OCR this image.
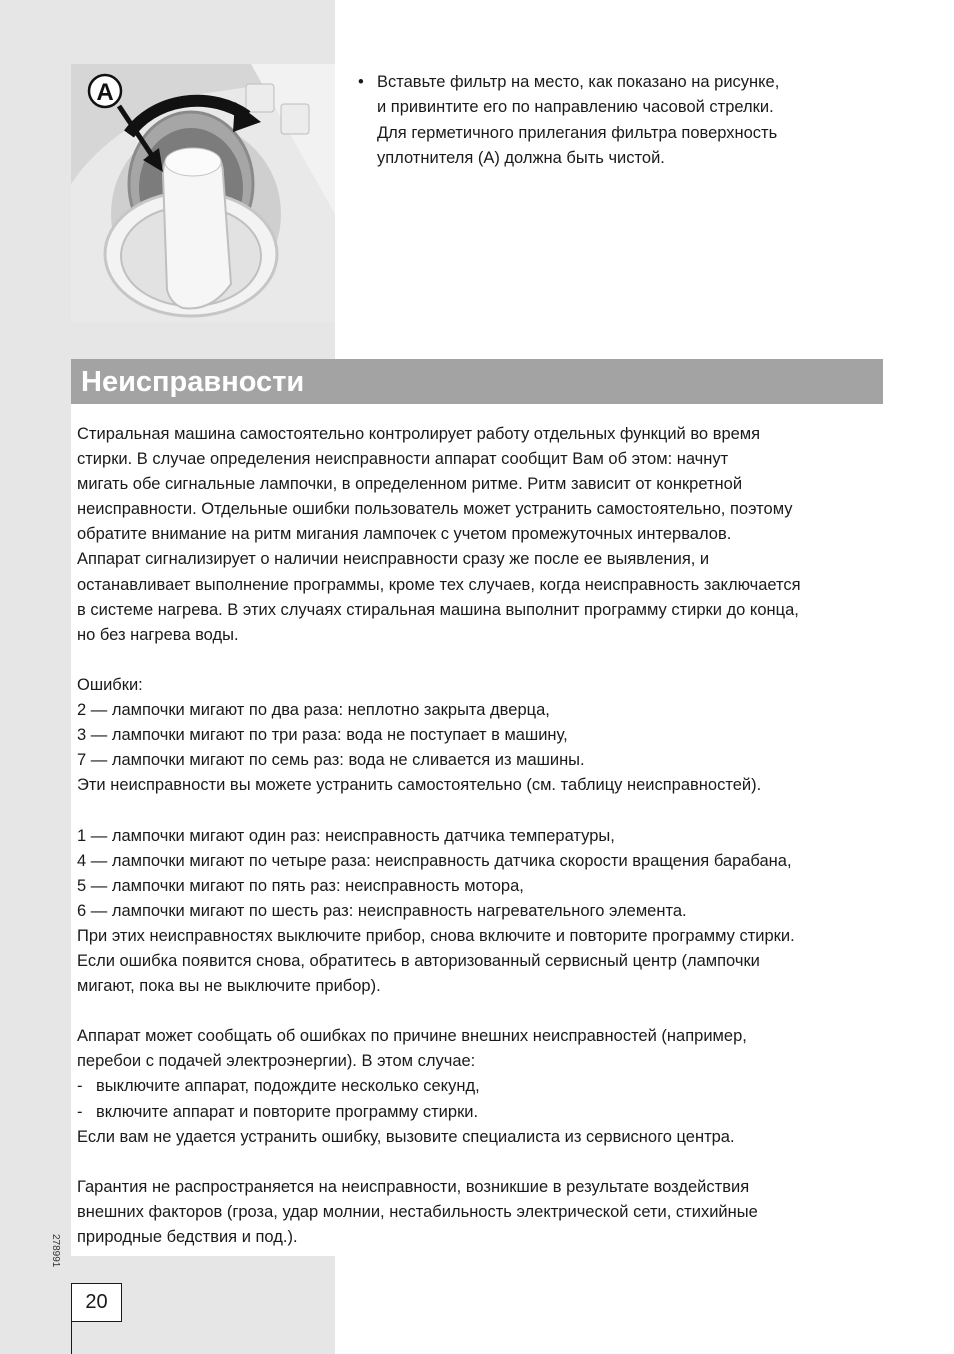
A	• Вставьте фильтр на место, как показано на рисунке,
и привинтите его по направлению часовой стрелки.
Для герметичного прилегания фильтра поверхность
уплотнителя (А) должна быть чистой.
Неисправности

Стиральная машина самостоятельно контролирует работу отдельных функций во время

стирки. В случае определения неисправности аппарат сообщит Вам об этом: начнут

мигать обе сигнальные лампочки, в определенном ритме. Ритм зависит от конкретной

неисправности. Отдельные ошибки пользователь может устранить самостоятельно, поэтому

обратите внимание на ритм мигания лампочек с учетом промежуточных интервалов.

Аппарат сигнализирует о наличии неисправности сразу же после ее выявления, и

останавливает выполнение программы, кроме тех случаев, когда неисправность заключается

в системе нагрева. В этих случаях стиральная машина выполнит программу стирки до конца,

но без нагрева воды.

Ошибки:

2 — лампочки мигают по два раза: неплотно закрыта дверца,

3 — лампочки мигают по три раза: вода не поступает в машину,

7 — лампочки мигают по семь раз: вода не сливается из машины.

Эти неисправности вы можете устранить самостоятельно (см. таблицу неисправностей).

1 — лампочки мигают один раз: неисправность датчика температуры,

4 — лампочки мигают по четыре раза: неисправность датчика скорости вращения барабана,

5 — лампочки мигают по пять раз: неисправность мотора,

6 — лампочки мигают по шесть раз: неисправность нагревательного элемента.

При этих неисправностях выключите прибор, снова включите и повторите программу стирки.

Если ошибка появится снова, обратитесь в авторизованный сервисный центр (лампочки

мигают, пока вы не выключите прибор).

Аппарат может сообщать об ошибках по причине внешних неисправностей (например,

перебои с подачей электроэнергии). В этом случае:

- выключите аппарат, подождите несколько секунд,

- включите аппарат и повторите программу стирки.

Если вам не удается устранить ошибку, вызовите специалиста из сервисного центра.

Гарантия не распространяется на неисправности, возникшие в результате воздействия

внешних факторов (гроза, удар молнии, нестабильность электрической сети, стихийные

природные бедствия и под.).

278991
20
